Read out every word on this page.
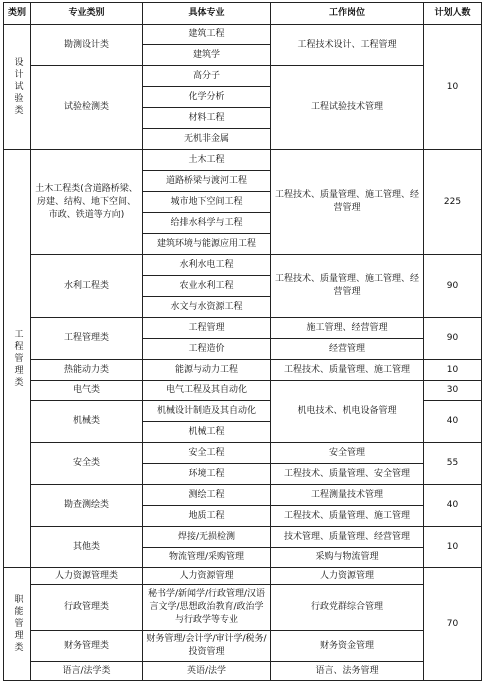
类别	专业类别	具体专业	工作岗位	计划人数

设计试验类	勘测设计类	建筑工程	工程技术设计、工程管理	10
		建筑学		
	试验检测类	高分子	工程试验技术管理	
		化学分析		
		材料工程		
		无机非金属		

工程管理类	土木工程类(含道路桥梁、房建、结构、地下空间、市政、铁道等方向)	土木工程	工程技术、质量管理、施工管理、经营管理	225
		道路桥梁与渡河工程		
		城市地下空间工程		
		给排水科学与工程		
		建筑环境与能源应用工程		
	水利工程类	水利水电工程	工程技术、质量管理、施工管理、经营管理	90
		农业水利工程		
		水文与水资源工程		
	工程管理类	工程管理	施工管理、经营管理	90
		工程造价	经营管理	
	热能动力类	能源与动力工程	工程技术、质量管理、施工管理	10
	电气类	电气工程及其自动化	机电技术、机电设备管理	30
	机械类	机械设计制造及其自动化		40
		机械工程		
	安全类	安全工程	安全管理	55
		环境工程	工程技术、质量管理、安全管理	
	勘查测绘类	测绘工程	工程测量技术管理	40
		地质工程	工程技术、质量管理、施工管理	
	其他类	焊接/无损检测	技术管理、质量管理、经营管理	10
		物流管理/采购管理	采购与物流管理	

职能管理类	人力资源管理类	人力资源管理	人力资源管理	70
	行政管理类	秘书学/新闻学/行政管理/汉语言文学/思想政治教育/政治学与行政学等专业	行政党群综合管理	
	财务管理类	财务管理/会计学/审计学/税务/投资管理	财务资金管理	
	语言/法学类	英语/法学	语言、法务管理	
